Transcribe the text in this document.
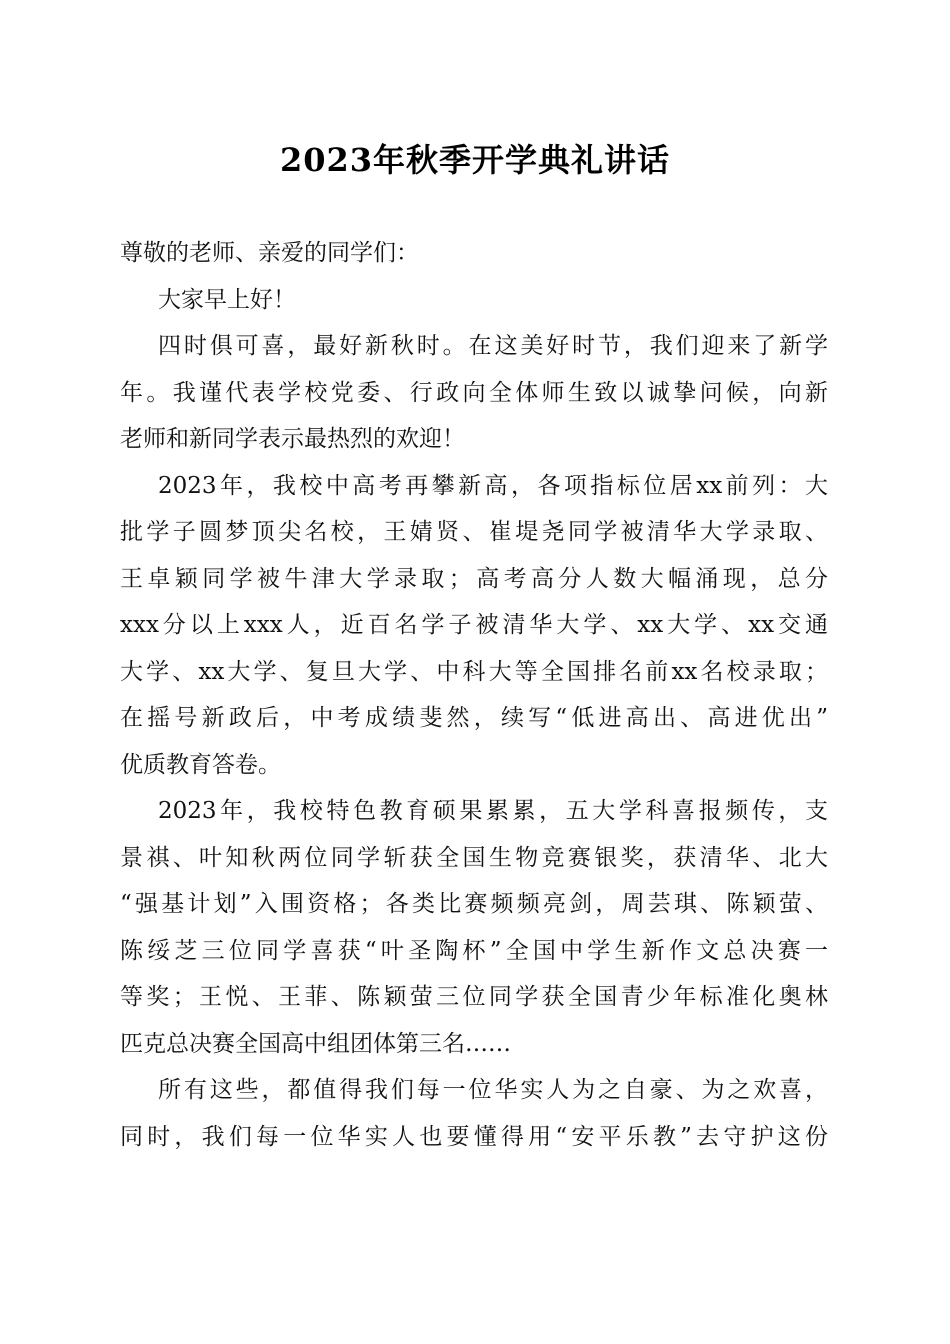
2023年秋季开学典礼讲话
尊敬的老师、亲爱的同学们：
大家早上好！
四时俱可喜，最好新秋时。在这美好时节，我们迎来了新学
年。我谨代表学校党委、行政向全体师生致以诚挚问候，向新
老师和新同学表示最热烈的欢迎！
2023年，我校中高考再攀新高，各项指标位居xx前列：大
批学子圆梦顶尖名校，王婧贤、崔堤尧同学被清华大学录取、
王卓颖同学被牛津大学录取；高考高分人数大幅涌现，总分
xxx分以上xxx人，近百名学子被清华大学、xx大学、xx交通
大学、xx大学、复旦大学、中科大等全国排名前xx名校录取；
在摇号新政后，中考成绩斐然，续写“低进高出、高进优出”
优质教育答卷。
2023年，我校特色教育硕果累累，五大学科喜报频传，支
景祺、叶知秋两位同学斩获全国生物竞赛银奖，获清华、北大
“强基计划”入围资格；各类比赛频频亮剑，周芸琪、陈颖萤、
陈绥芝三位同学喜获“叶圣陶杯”全国中学生新作文总决赛一
等奖；王悦、王菲、陈颖萤三位同学获全国青少年标准化奥林
匹克总决赛全国高中组团体第三名……
所有这些，都值得我们每一位华实人为之自豪、为之欢喜，
同时，我们每一位华实人也要懂得用“安平乐教”去守护这份
